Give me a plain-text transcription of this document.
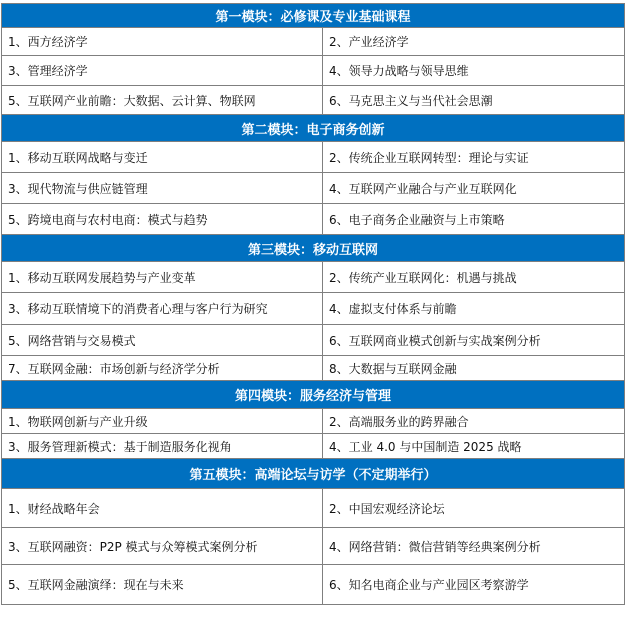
第一模块：必修课及专业基础课程	
1、西方经济学	2、产业经济学
3、管理经济学	4、领导力战略与领导思维
5、互联网产业前瞻：大数据、云计算、物联网	6、马克思主义与当代社会思潮
第二模块：电子商务创新	
1、移动互联网战略与变迁	2、传统企业互联网转型：理论与实证
3、现代物流与供应链管理	4、互联网产业融合与产业互联网化
5、跨境电商与农村电商：模式与趋势	6、电子商务企业融资与上市策略
第三模块：移动互联网	
1、移动互联网发展趋势与产业变革	2、传统产业互联网化：机遇与挑战
3、移动互联情境下的消费者心理与客户行为研究	4、虚拟支付体系与前瞻
5、网络营销与交易模式	6、互联网商业模式创新与实战案例分析
7、互联网金融：市场创新与经济学分析	8、大数据与互联网金融
第四模块：服务经济与管理	
1、物联网创新与产业升级	2、高端服务业的跨界融合
3、服务管理新模式：基于制造服务化视角	4、工业 4.0 与中国制造 2025 战略
第五模块：高端论坛与访学（不定期举行）	
1、财经战略年会	2、中国宏观经济论坛
3、互联网融资：P2P 模式与众筹模式案例分析	4、网络营销：微信营销等经典案例分析
5、互联网金融演绎：现在与未来	6、知名电商企业与产业园区考察游学
